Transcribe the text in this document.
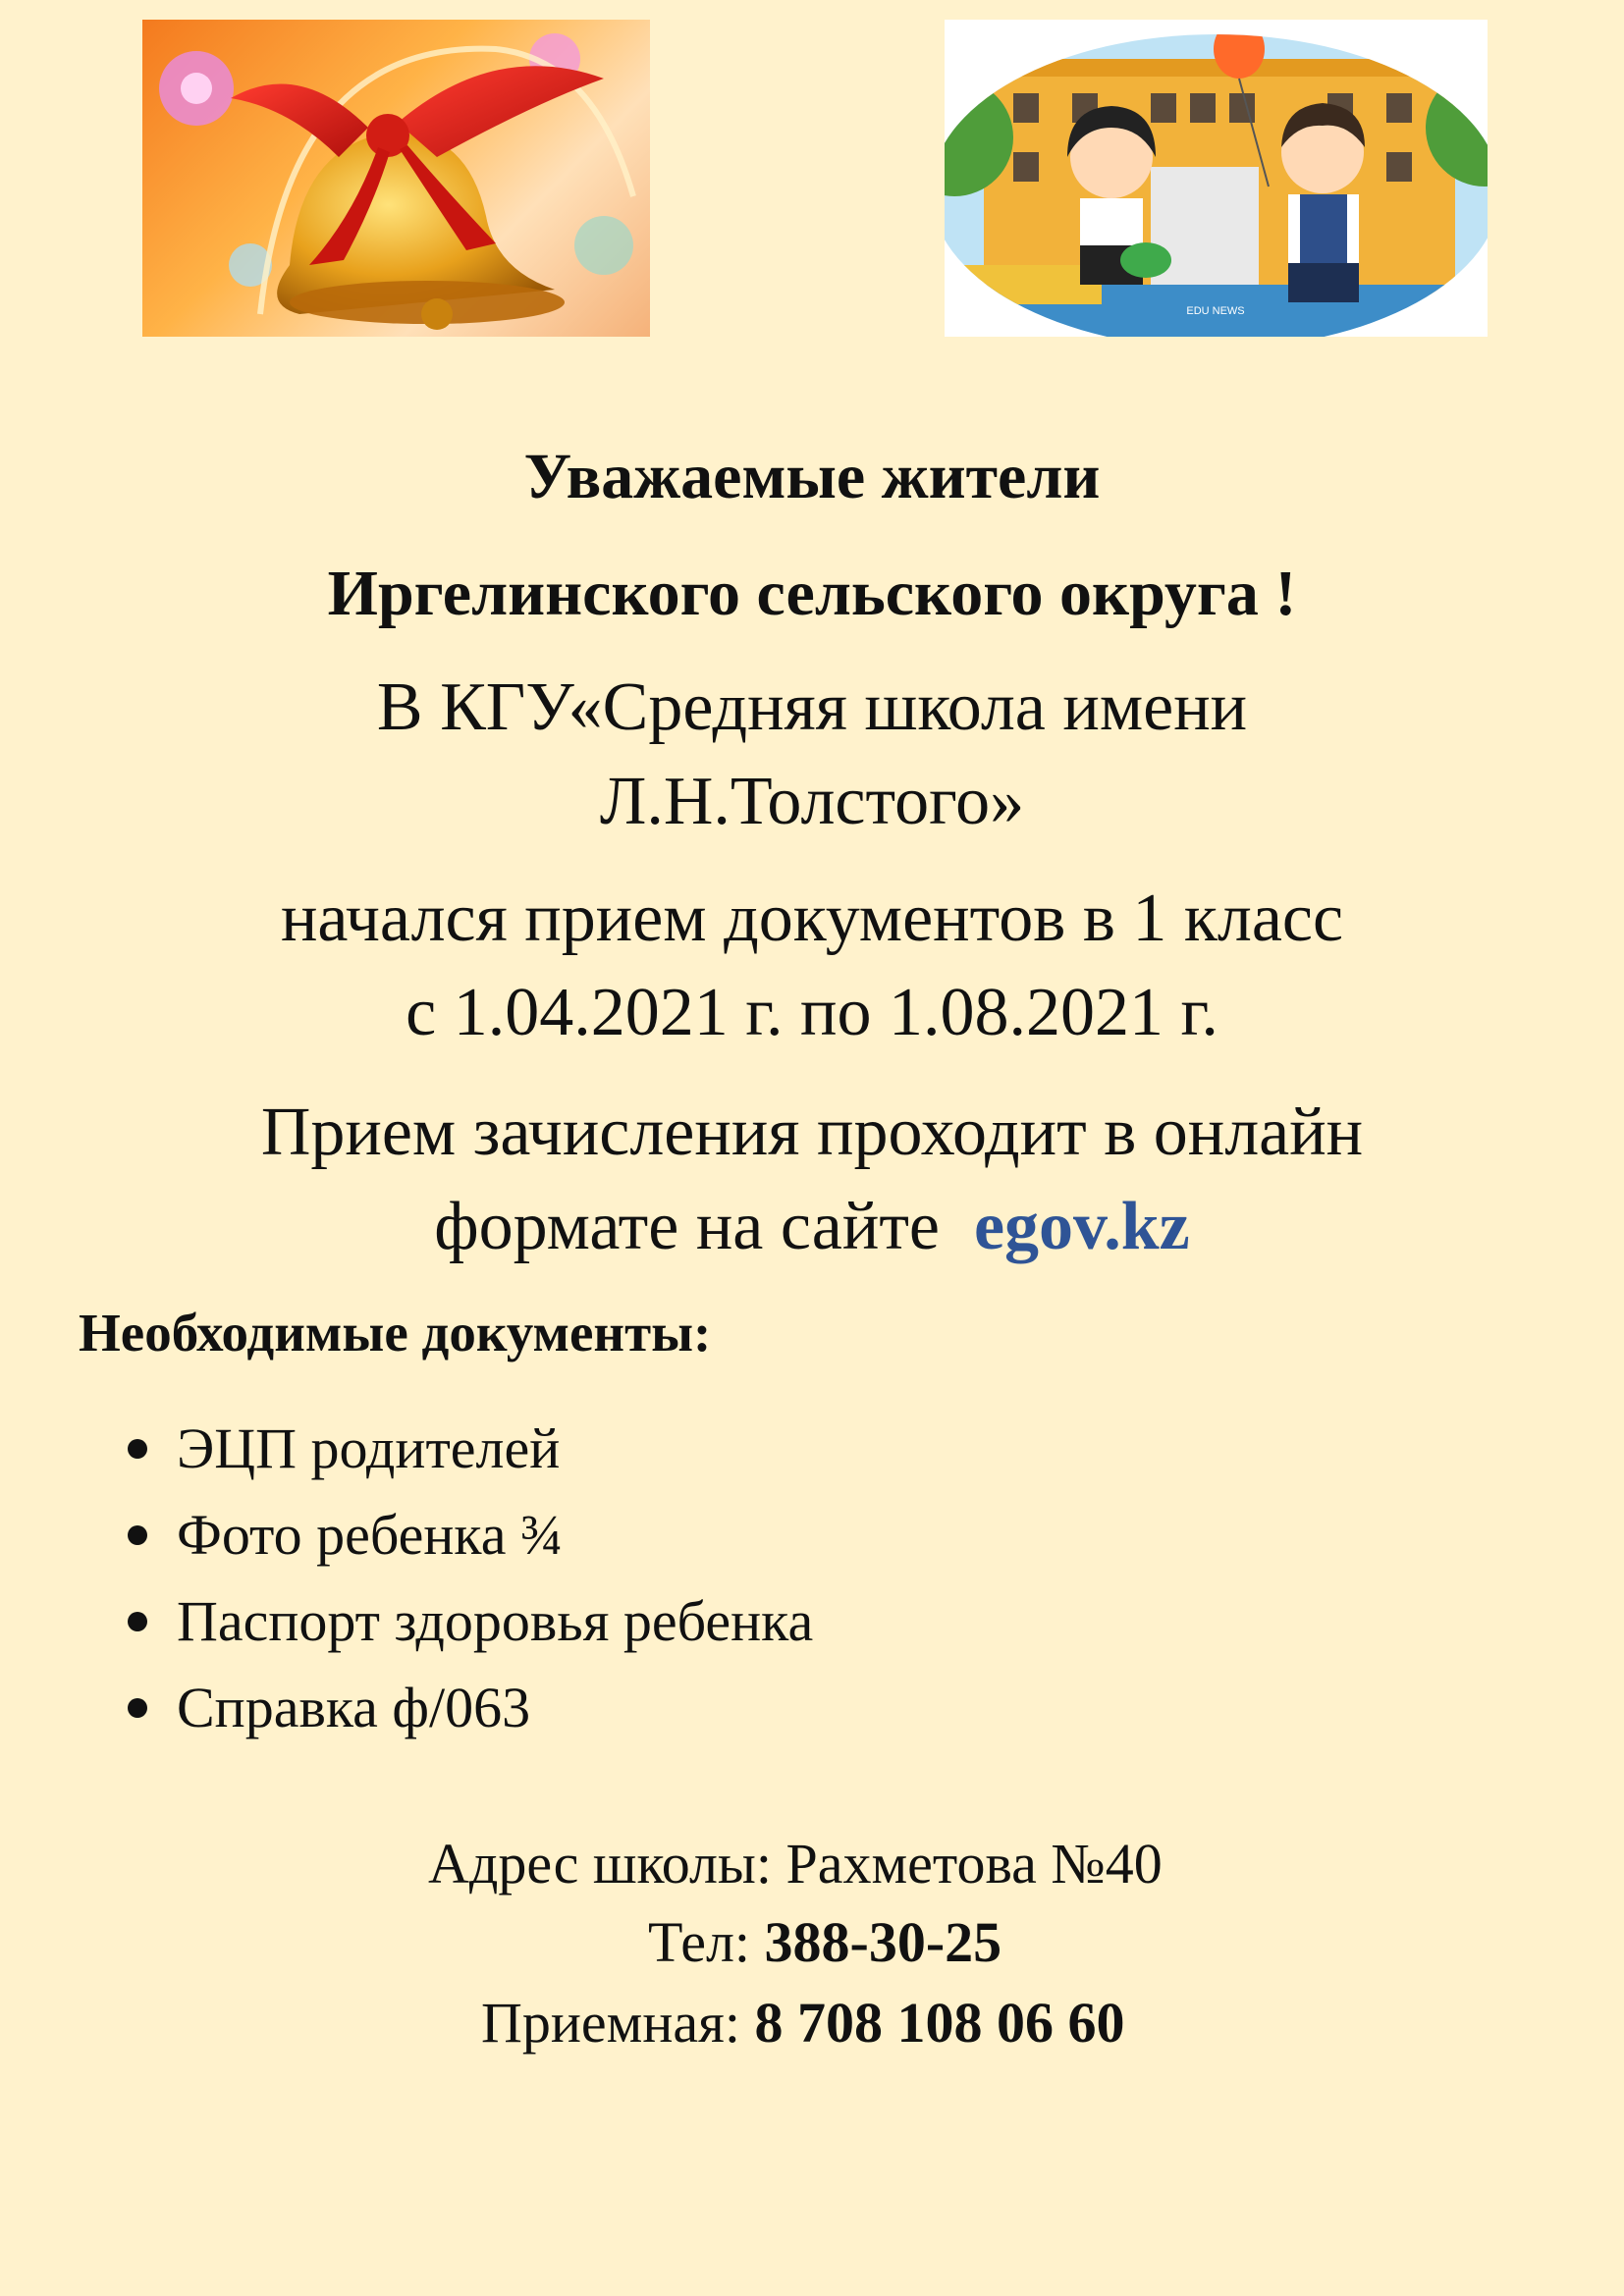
EDU NEWS
Уважаемые жители
Иргелинского сельского округа !
В КГУ«Средняя школа имени
Л.Н.Толстого»
начался прием документов в 1 класс
с 1.04.2021 г. по 1.08.2021 г.
Прием зачисления проходит в онлайн
формате на сайте  egov.kz
Необходимые документы:
ЭЦП родителей
Фото ребенка ¾
Паспорт здоровья ребенка
Справка ф/063
Адрес школы: Рахметова №40
Тел: 388-30-25
Приемная: 8 708 108 06 60
